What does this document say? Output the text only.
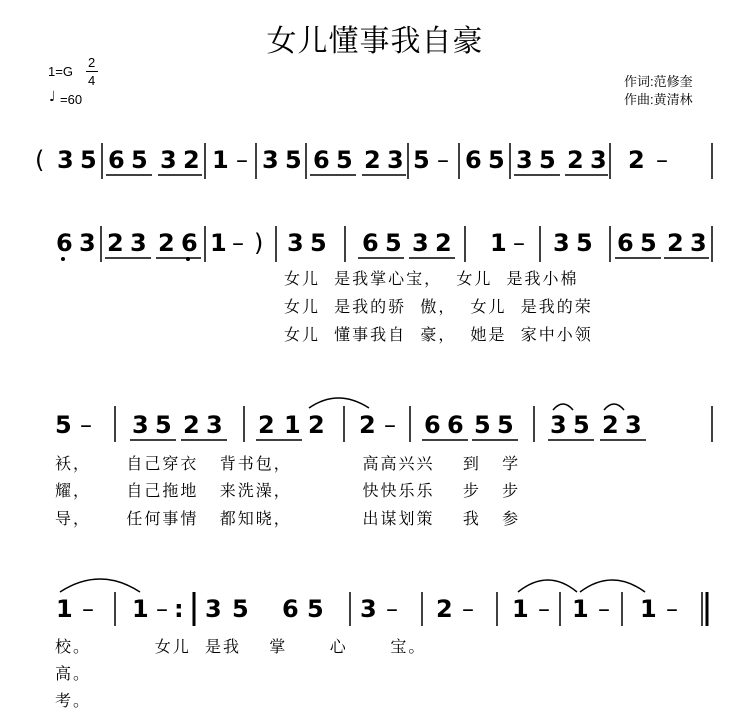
女儿懂事我自豪
1=G
2
4
♩ =60
作词:范修奎
作曲:黄清林
( 3 5 6 5 3 2 1 – 3 5 6 5 2 3 5 – 6 5 3 5 2 3 2 –
6 3 2 3 2 6 1 – ) 3 5 6 5 3 2 1 – 3 5 6 5 2 3
女儿  是我掌心宝，  女儿  是我小棉
女儿  是我的骄  傲，  女儿  是我的荣
女儿  懂事我自  豪，  她是  家中小领
5 – 3 5 2 3 2 1 2 2 – 6 6 5 5 3 5 2 3
袄，     自己穿衣   背书包，          高高兴兴    到   学
耀，     自己拖地   来洗澡，          快快乐乐    步   步
导，     任何事情   都知晓，          出谋划策    我   参
1 – 1 – : 3 5 6 5 3 – 2 – 1 – 1 – 1 –
校。         女儿  是我    掌      心      宝。
高。
考。
